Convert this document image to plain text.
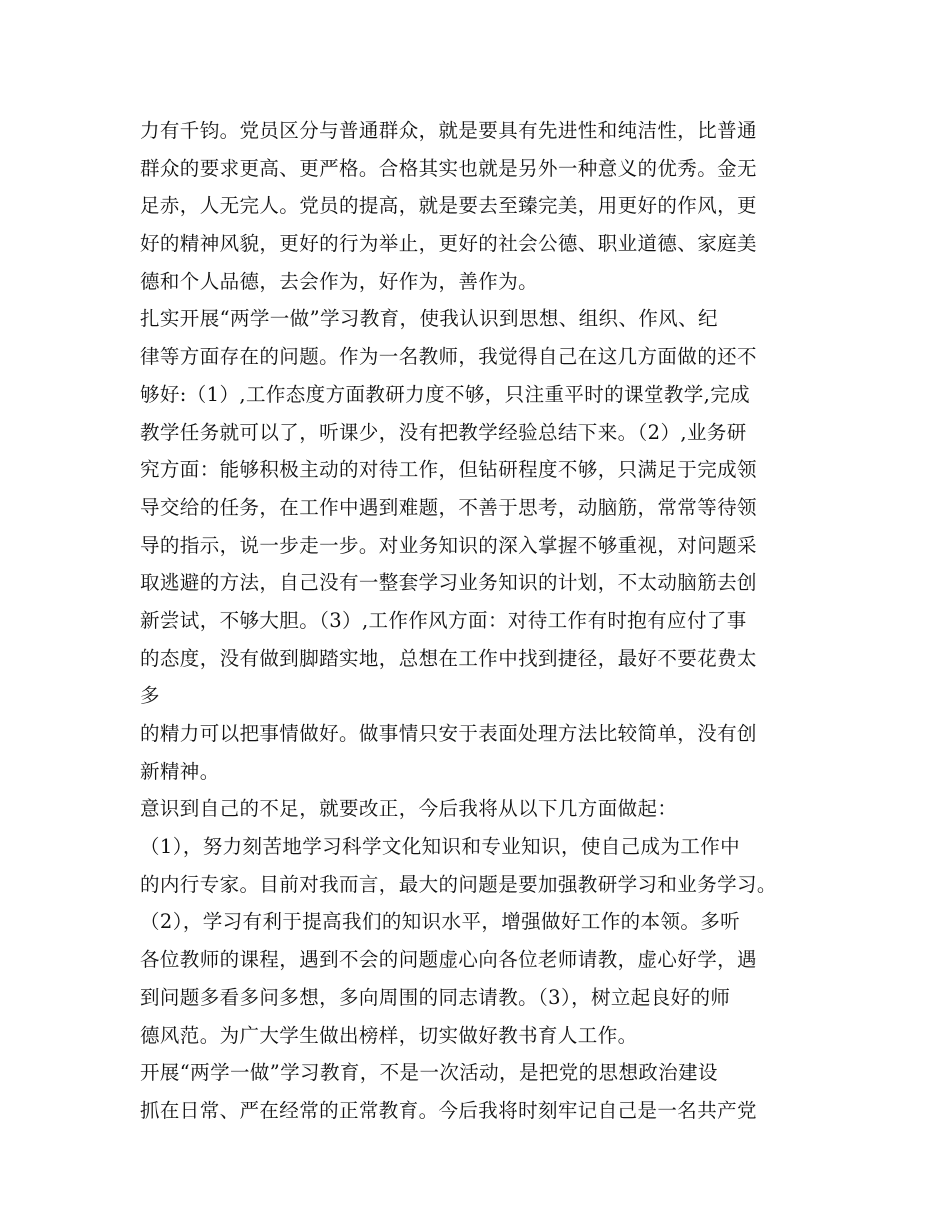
力有千钧。党员区分与普通群众，就是要具有先进性和纯洁性，比普通
群众的要求更高、更严格。合格其实也就是另外一种意义的优秀。金无
足赤，人无完人。党员的提高，就是要去至臻完美，用更好的作风，更
好的精神风貌，更好的行为举止，更好的社会公德、职业道德、家庭美
德和个人品德，去会作为，好作为，善作为。
扎实开展“两学一做”学习教育，使我认识到思想、组织、作风、纪
律等方面存在的问题。作为一名教师，我觉得自己在这几方面做的还不
够好:（1）,工作态度方面教研力度不够，只注重平时的课堂教学,完成
教学任务就可以了，听课少，没有把教学经验总结下来。（2）,业务研
究方面：能够积极主动的对待工作，但钻研程度不够，只满足于完成领
导交给的任务，在工作中遇到难题，不善于思考，动脑筋，常常等待领
导的指示，说一步走一步。对业务知识的深入掌握不够重视，对问题采
取逃避的方法，自己没有一整套学习业务知识的计划，不太动脑筋去创
新尝试，不够大胆。（3）,工作作风方面：对待工作有时抱有应付了事
的态度，没有做到脚踏实地，总想在工作中找到捷径，最好不要花费太
多
的精力可以把事情做好。做事情只安于表面处理方法比较简单，没有创
新精神。
意识到自己的不足，就要改正，今后我将从以下几方面做起：
（1），努力刻苦地学习科学文化知识和专业知识，使自己成为工作中
的内行专家。目前对我而言，最大的问题是要加强教研学习和业务学习。
（2），学习有利于提高我们的知识水平，增强做好工作的本领。多听
各位教师的课程，遇到不会的问题虚心向各位老师请教，虚心好学，遇
到问题多看多问多想，多向周围的同志请教。（3），树立起良好的师
德风范。为广大学生做出榜样，切实做好教书育人工作。
开展“两学一做”学习教育，不是一次活动，是把党的思想政治建设
抓在日常、严在经常的正常教育。今后我将时刻牢记自己是一名共产党
